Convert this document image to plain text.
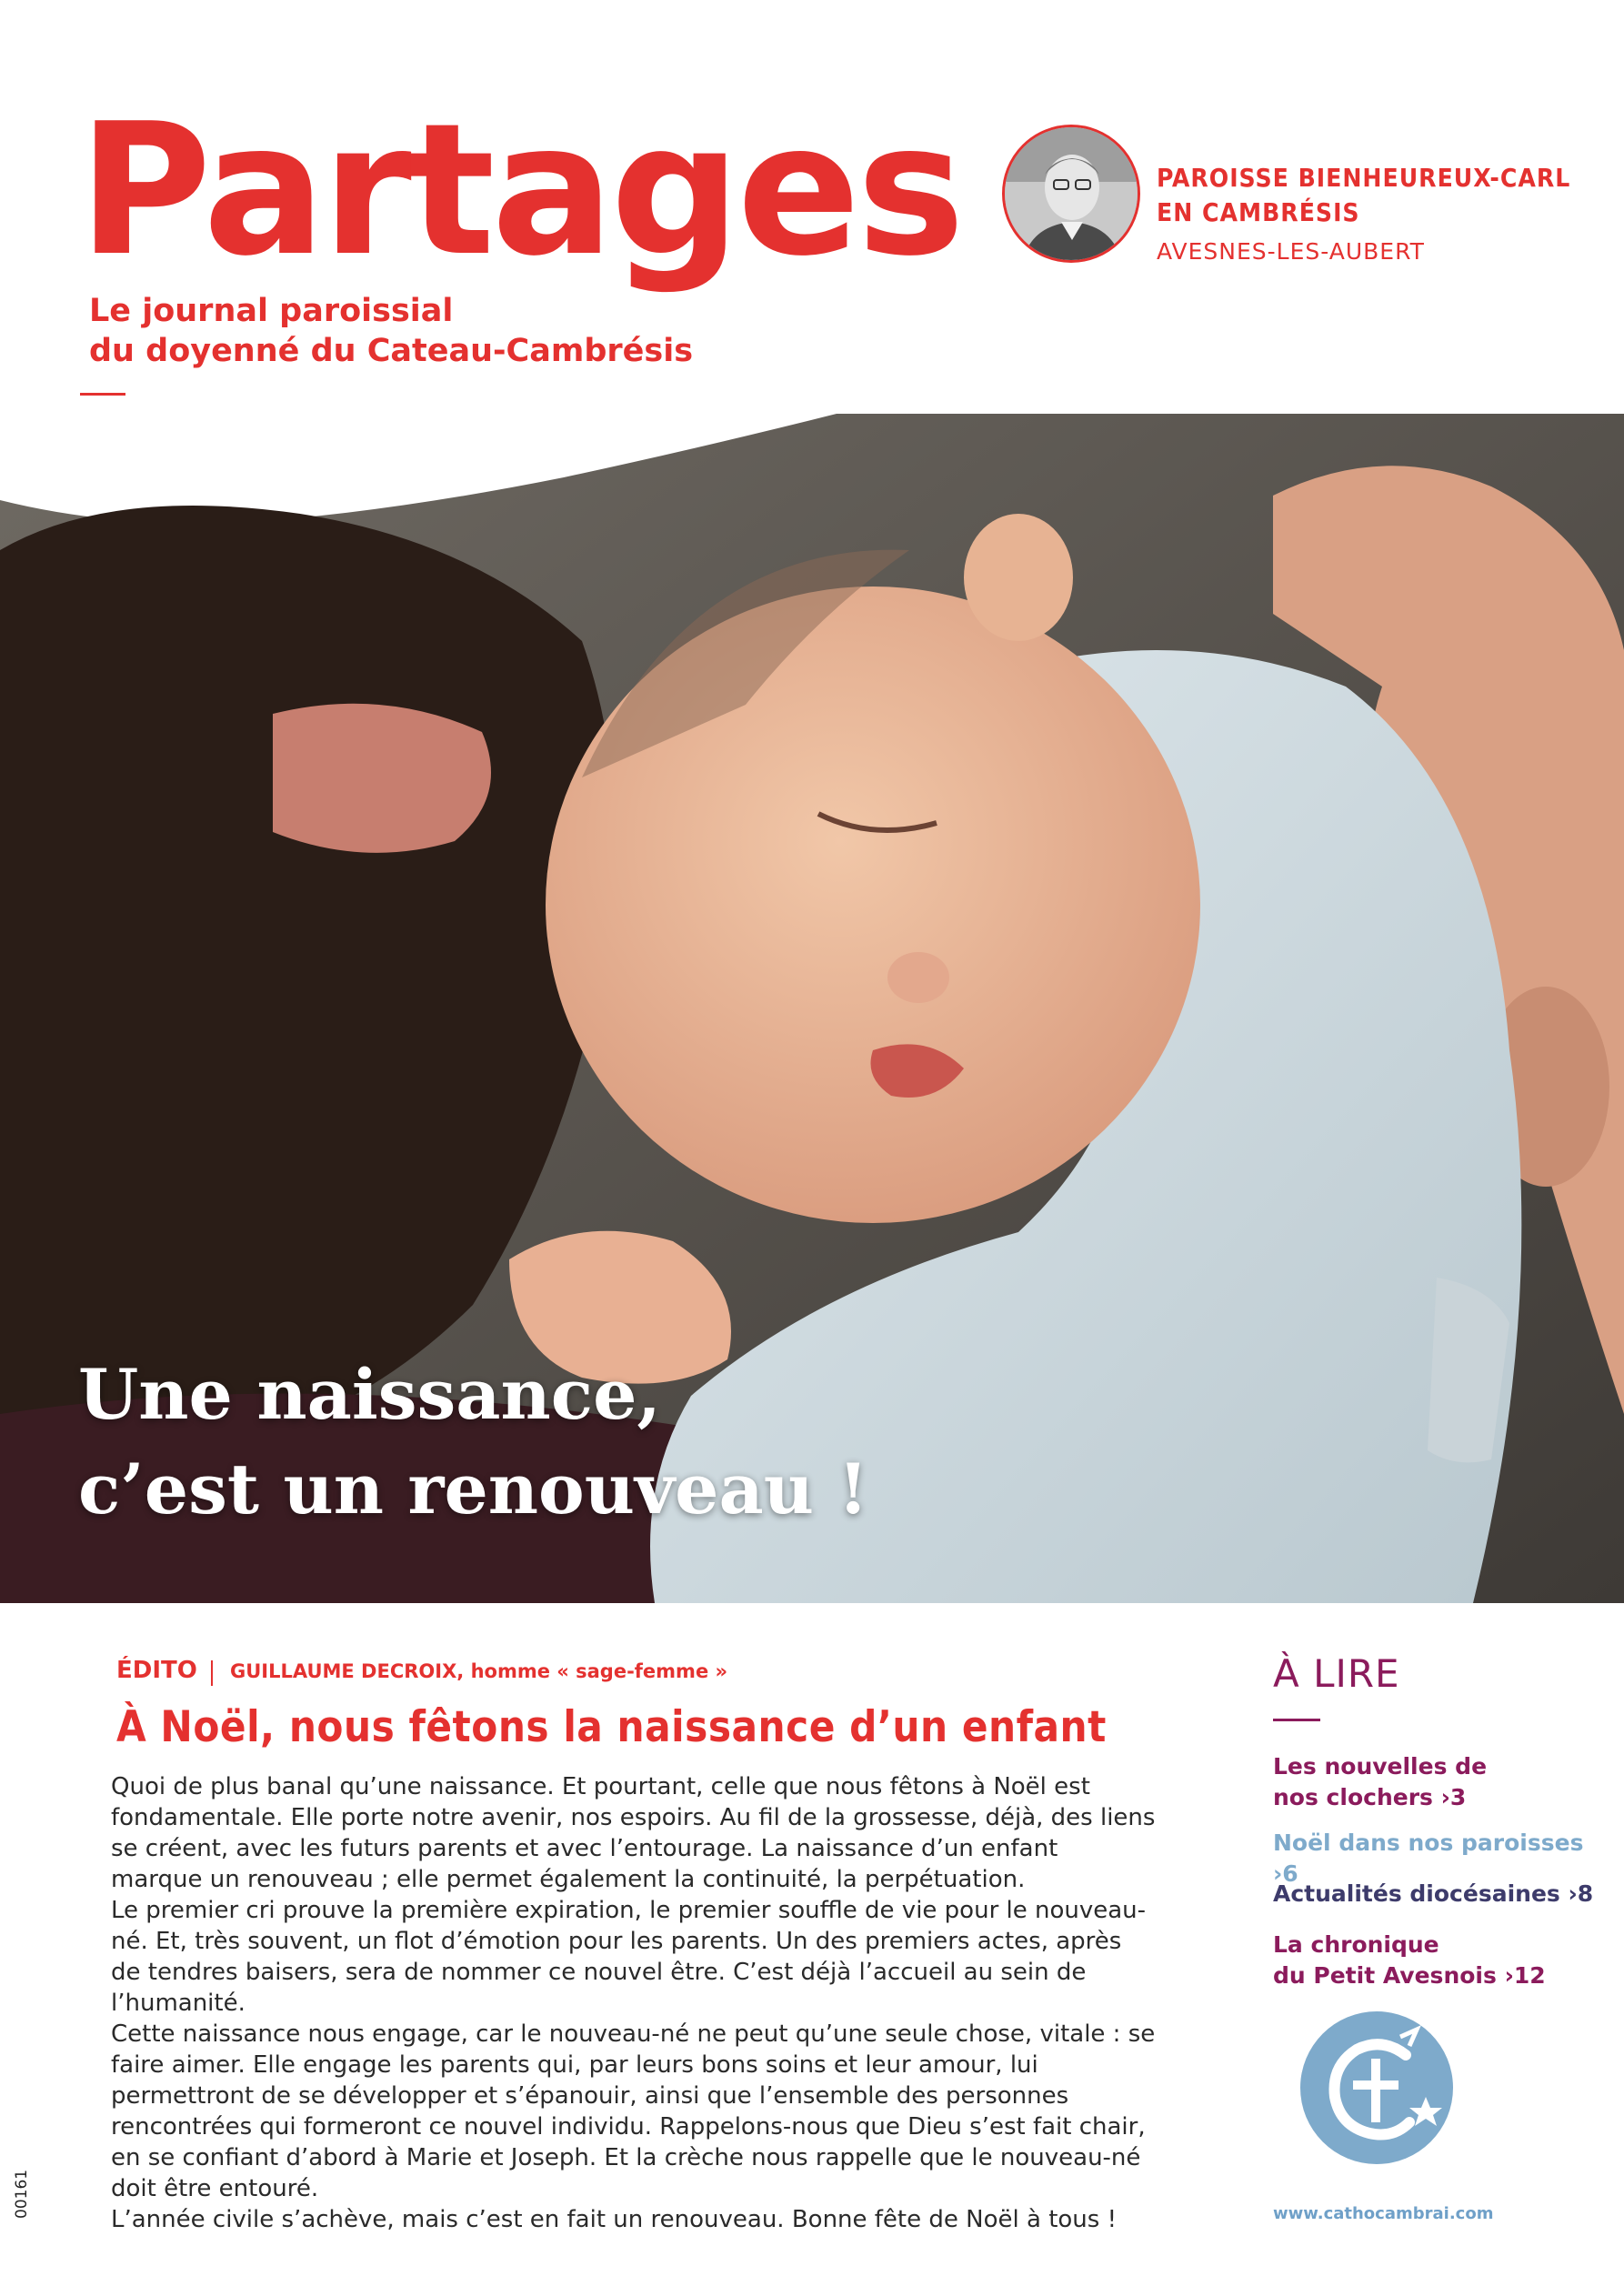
Partages
Le journal paroissial
du doyenné du Cateau-Cambrésis
PAROISSE BIENHEUREUX-CARL
EN CAMBRÉSIS
AVESNES-LES-AUBERT
Une naissance,
c’est un renouveau !
ÉDITO GUILLAUME DECROIX, homme « sage-femme »
À Noël, nous fêtons la naissance d’un enfant

Quoi de plus banal qu’une naissance. Et pourtant, celle que nous fêtons à Noël est fondamentale. Elle porte notre avenir, nos espoirs. Au fil de la grossesse, déjà, des liens se créent, avec les futurs parents et avec l’entourage. La naissance d’un enfant marque un renouveau ; elle permet également la continuité, la perpétuation.

Le premier cri prouve la première expiration, le premier souffle de vie pour le nouveau-né. Et, très souvent, un flot d’émotion pour les parents. Un des premiers actes, après de tendres baisers, sera de nommer ce nouvel être. C’est déjà l’accueil au sein de l’humanité.

Cette naissance nous engage, car le nouveau-né ne peut qu’une seule chose, vitale : se faire aimer. Elle engage les parents qui, par leurs bons soins et leur amour, lui permettront de se développer et s’épanouir, ainsi que l’ensemble des personnes rencontrées qui formeront ce nouvel individu. Rappelons-nous que Dieu s’est fait chair, en se confiant d’abord à Marie et Joseph. Et la crèche nous rappelle que le nouveau-né doit être entouré.

L’année civile s’achève, mais c’est en fait un renouveau. Bonne fête de Noël à tous !

À LIRE
Les nouvelles de
nos clochers ›3
Noël dans nos paroisses ›6
Actualités diocésaines ›8
La chronique
du Petit Avesnois ›12
www.cathocambrai.com
00161
